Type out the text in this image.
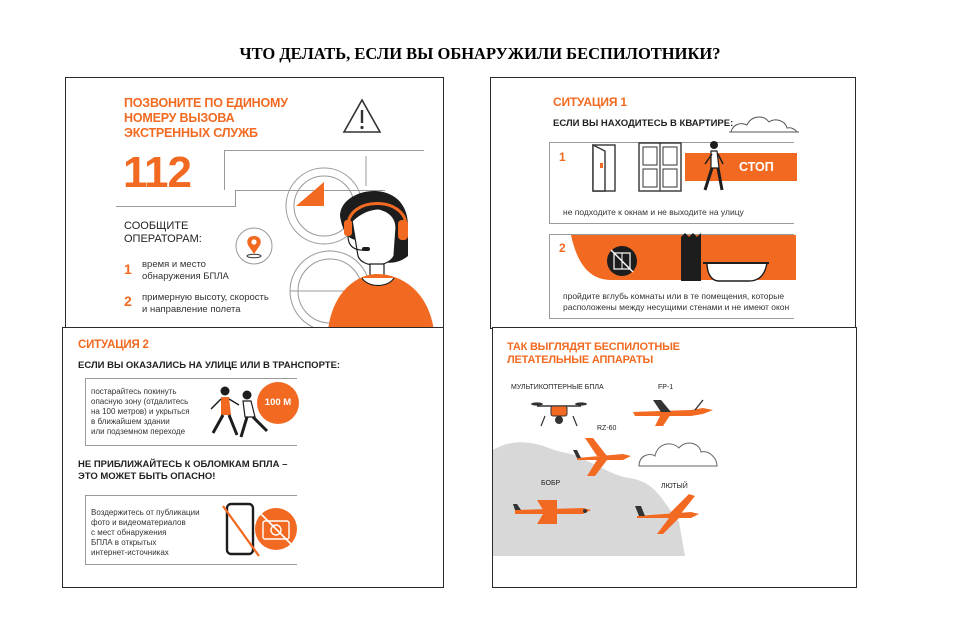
ЧТО ДЕЛАТЬ, ЕСЛИ ВЫ ОБНАРУЖИЛИ БЕСПИЛОТНИКИ?
ПОЗВОНИТЕ ПО ЕДИНОМУ
НОМЕРУ ВЫЗОВА
ЭКСТРЕННЫХ СЛУЖБ
112
СООБЩИТЕ
ОПЕРАТОРАМ:
1 время и место
обнаружения БПЛА
2 примерную высоту, скорость
и направление полета
СИТУАЦИЯ 1
ЕСЛИ ВЫ НАХОДИТЕСЬ В КВАРТИРЕ:
1
СТОП
не подходите к окнам и не выходите на улицу
2
пройдите вглубь комнаты или в те помещения, которые
расположены между несущими стенами и не имеют окон
СИТУАЦИЯ 2
ЕСЛИ ВЫ ОКАЗАЛИСЬ НА УЛИЦЕ ИЛИ В ТРАНСПОРТЕ:
постарайтесь покинуть
опасную зону (отдалитесь
на 100 метров) и укрыться
в ближайшем здании
или подземном переходе
100 М
НЕ ПРИБЛИЖАЙТЕСЬ К ОБЛОМКАМ БПЛА –
ЭТО МОЖЕТ БЫТЬ ОПАСНО!
Воздержитесь от публикации
фото и видеоматериалов
с мест обнаружения
БПЛА в открытых
интернет-источниках
ТАК ВЫГЛЯДЯТ БЕСПИЛОТНЫЕ
ЛЕТАТЕЛЬНЫЕ АППАРАТЫ
МУЛЬТИКОПТЕРНЫЕ БПЛА	FP-1
RZ-60
БОБР	ЛЮТЫЙ
